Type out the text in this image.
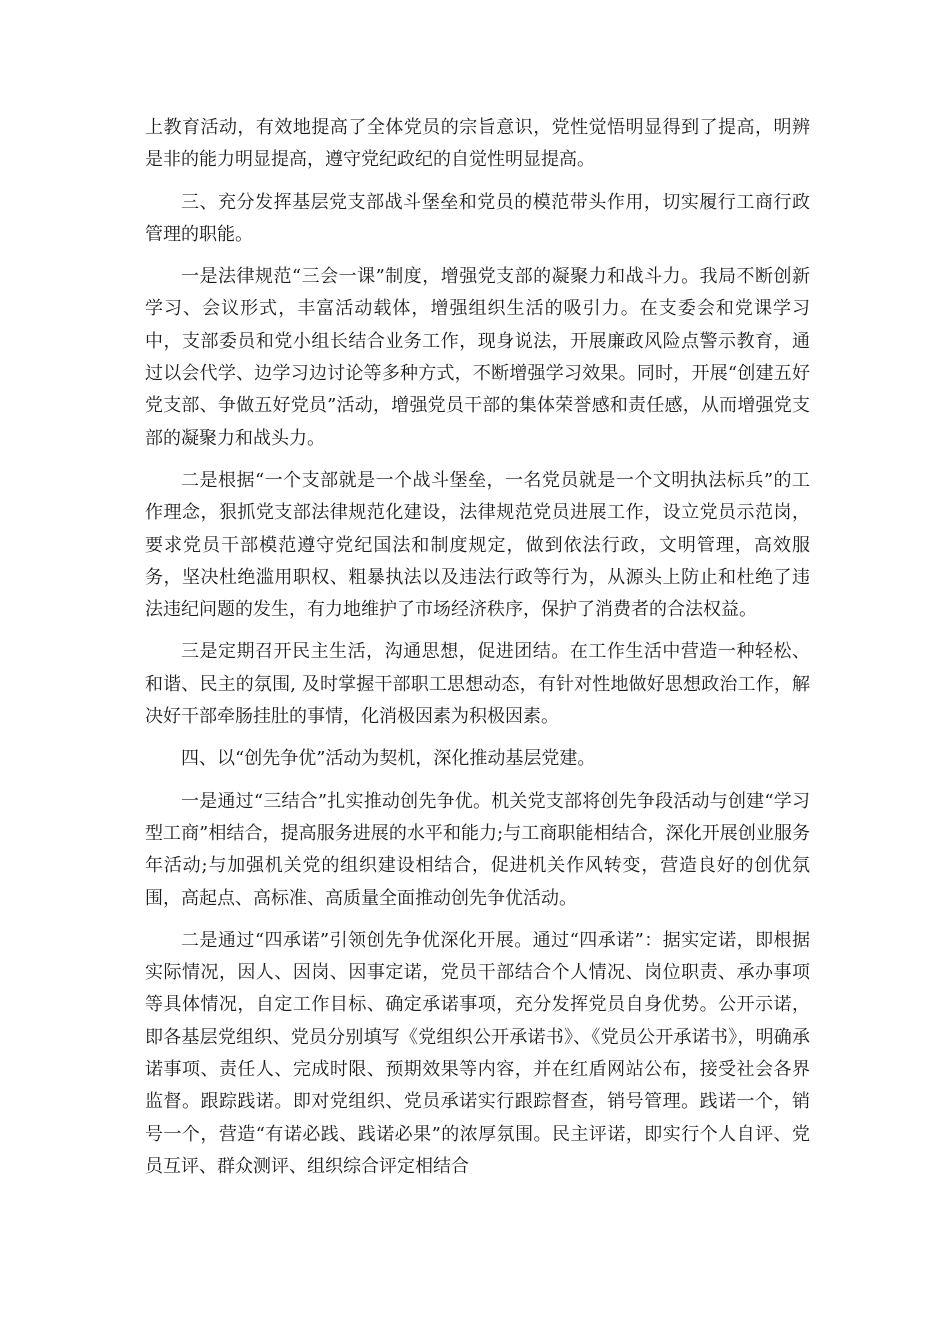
上教育活动，有效地提高了全体党员的宗旨意识，党性觉悟明显得到了提高，明辨是非的能力明显提高，遵守党纪政纪的自觉性明显提高。

三、充分发挥基层党支部战斗堡垒和党员的模范带头作用，切实履行工商行政管理的职能。

一是法律规范“三会一课”制度，增强党支部的凝聚力和战斗力。我局不断创新学习、会议形式，丰富活动载体，增强组织生活的吸引力。在支委会和党课学习中，支部委员和党小组长结合业务工作，现身说法，开展廉政风险点警示教育，通过以会代学、边学习边讨论等多种方式，不断增强学习效果。同时，开展“创建五好党支部、争做五好党员”活动，增强党员干部的集体荣誉感和责任感，从而增强党支部的凝聚力和战头力。

二是根据“一个支部就是一个战斗堡垒，一名党员就是一个文明执法标兵”的工作理念，狠抓党支部法律规范化建设，法律规范党员进展工作，设立党员示范岗，要求党员干部模范遵守党纪国法和制度规定，做到依法行政，文明管理，高效服务，坚决杜绝滥用职权、粗暴执法以及违法行政等行为，从源头上防止和杜绝了违法违纪问题的发生，有力地维护了市场经济秩序，保护了消费者的合法权益。

三是定期召开民主生活，沟通思想，促进团结。在工作生活中营造一种轻松、和谐、民主的氛围, 及时掌握干部职工思想动态，有针对性地做好思想政治工作，解决好干部牵肠挂肚的事情，化消极因素为积极因素。

四、以“创先争优”活动为契机，深化推动基层党建。

一是通过“三结合”扎实推动创先争优。机关党支部将创先争段活动与创建“学习型工商”相结合，提高服务进展的水平和能力;与工商职能相结合，深化开展创业服务年活动;与加强机关党的组织建设相结合，促进机关作风转变，营造良好的创优氛围，高起点、高标准、高质量全面推动创先争优活动。

二是通过“四承诺”引领创先争优深化开展。通过“四承诺”：据实定诺，即根据实际情况，因人、因岗、因事定诺，党员干部结合个人情况、岗位职责、承办事项等具体情况，自定工作目标、确定承诺事项，充分发挥党员自身优势。公开示诺，即各基层党组织、党员分别填写《党组织公开承诺书》、《党员公开承诺书》，明确承诺事项、责任人、完成时限、预期效果等内容，并在红盾网站公布，接受社会各界监督。跟踪践诺。即对党组织、党员承诺实行跟踪督查，销号管理。践诺一个，销号一个，营造“有诺必践、践诺必果”的浓厚氛围。民主评诺，即实行个人自评、党员互评、群众测评、组织综合评定相结合
